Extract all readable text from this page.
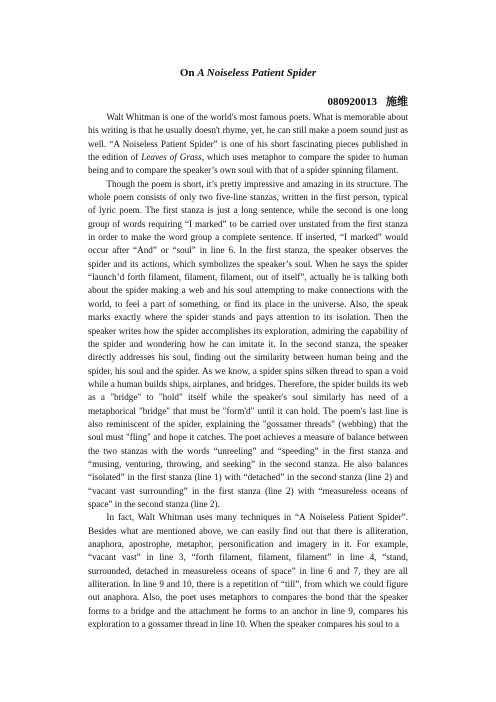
On A Noiseless Patient Spider
080920013 施维

Walt Whitman is one of the world's most famous poets. What is memorable about his writing is that he usually doesn't rhyme, yet, he can still make a poem sound just as well. “A Noiseless Patient Spider” is one of his short fascinating pieces published in the edition of Leaves of Grass, which uses metaphor to compare the spider to human being and to compare the speaker’s own soul with that of a spider spinning filament.

Though the poem is short, it’s pretty impressive and amazing in its structure. The whole poem consists of only two five-line stanzas, written in the first person, typical of lyric poem. The first stanza is just a long sentence, while the second is one long group of words requiring “I marked” to be carried over unstated from the first stanza in order to make the word group a complete sentence. If inserted, “I marked” would occur after “And” or “soul” in line 6. In the first stanza, the speaker observes the spider and its actions, which symbolizes the speaker’s soul. When he says the spider “launch’d forth filament, filament, filament, out of itself”, actually he is talking both about the spider making a web and his soul attempting to make connections with the world, to feel a part of something, or find its place in the universe. Also, the speak marks exactly where the spider stands and pays attention to its isolation. Then the speaker writes how the spider accomplishes its exploration, admiring the capability of the spider and wondering how he can imitate it. In the second stanza, the speaker directly addresses his soul, finding out the similarity between human being and the spider, his soul and the spider. As we know, a spider spins silken thread to span a void while a human builds ships, airplanes, and bridges. Therefore, the spider builds its web as a "bridge" to "hold" itself while the speaker's soul similarly has need of a metaphorical "bridge" that must be "form'd" until it can hold. The poem's last line is also reminiscent of the spider, explaining the "gossamer threads" (webbing) that the soul must "fling" and hope it catches. The poet achieves a measure of balance between the two stanzas with the words “unreeling” and “speeding” in the first stanza and “musing, venturing, throwing, and seeking” in the second stanza. He also balances “isolated” in the first stanza (line 1) with “detached” in the second stanza (line 2) and “vacant vast surrounding” in the first stanza (line 2) with “measureless oceans of space” in the second stanza (line 2).

In fact, Walt Whitman uses many techniques in “A Noiseless Patient Spider”. Besides what are mentioned above, we can easily find out that there is alliteration, anaphora, apostrophe, metaphor, personification and imagery in it. For example, “vacant vast” in line 3, “forth filament, filament, filament” in line 4, “stand, surrounded, detached in measureless oceans of space” in line 6 and 7, they are all alliteration. In line 9 and 10, there is a repetition of “till”, from which we could figure out anaphora. Also, the poet uses metaphors to compares the bond that the speaker forms to a bridge and the attachment he forms to an anchor in line 9, compares his exploration to a gossamer thread in line 10. When the speaker compares his soul to a
